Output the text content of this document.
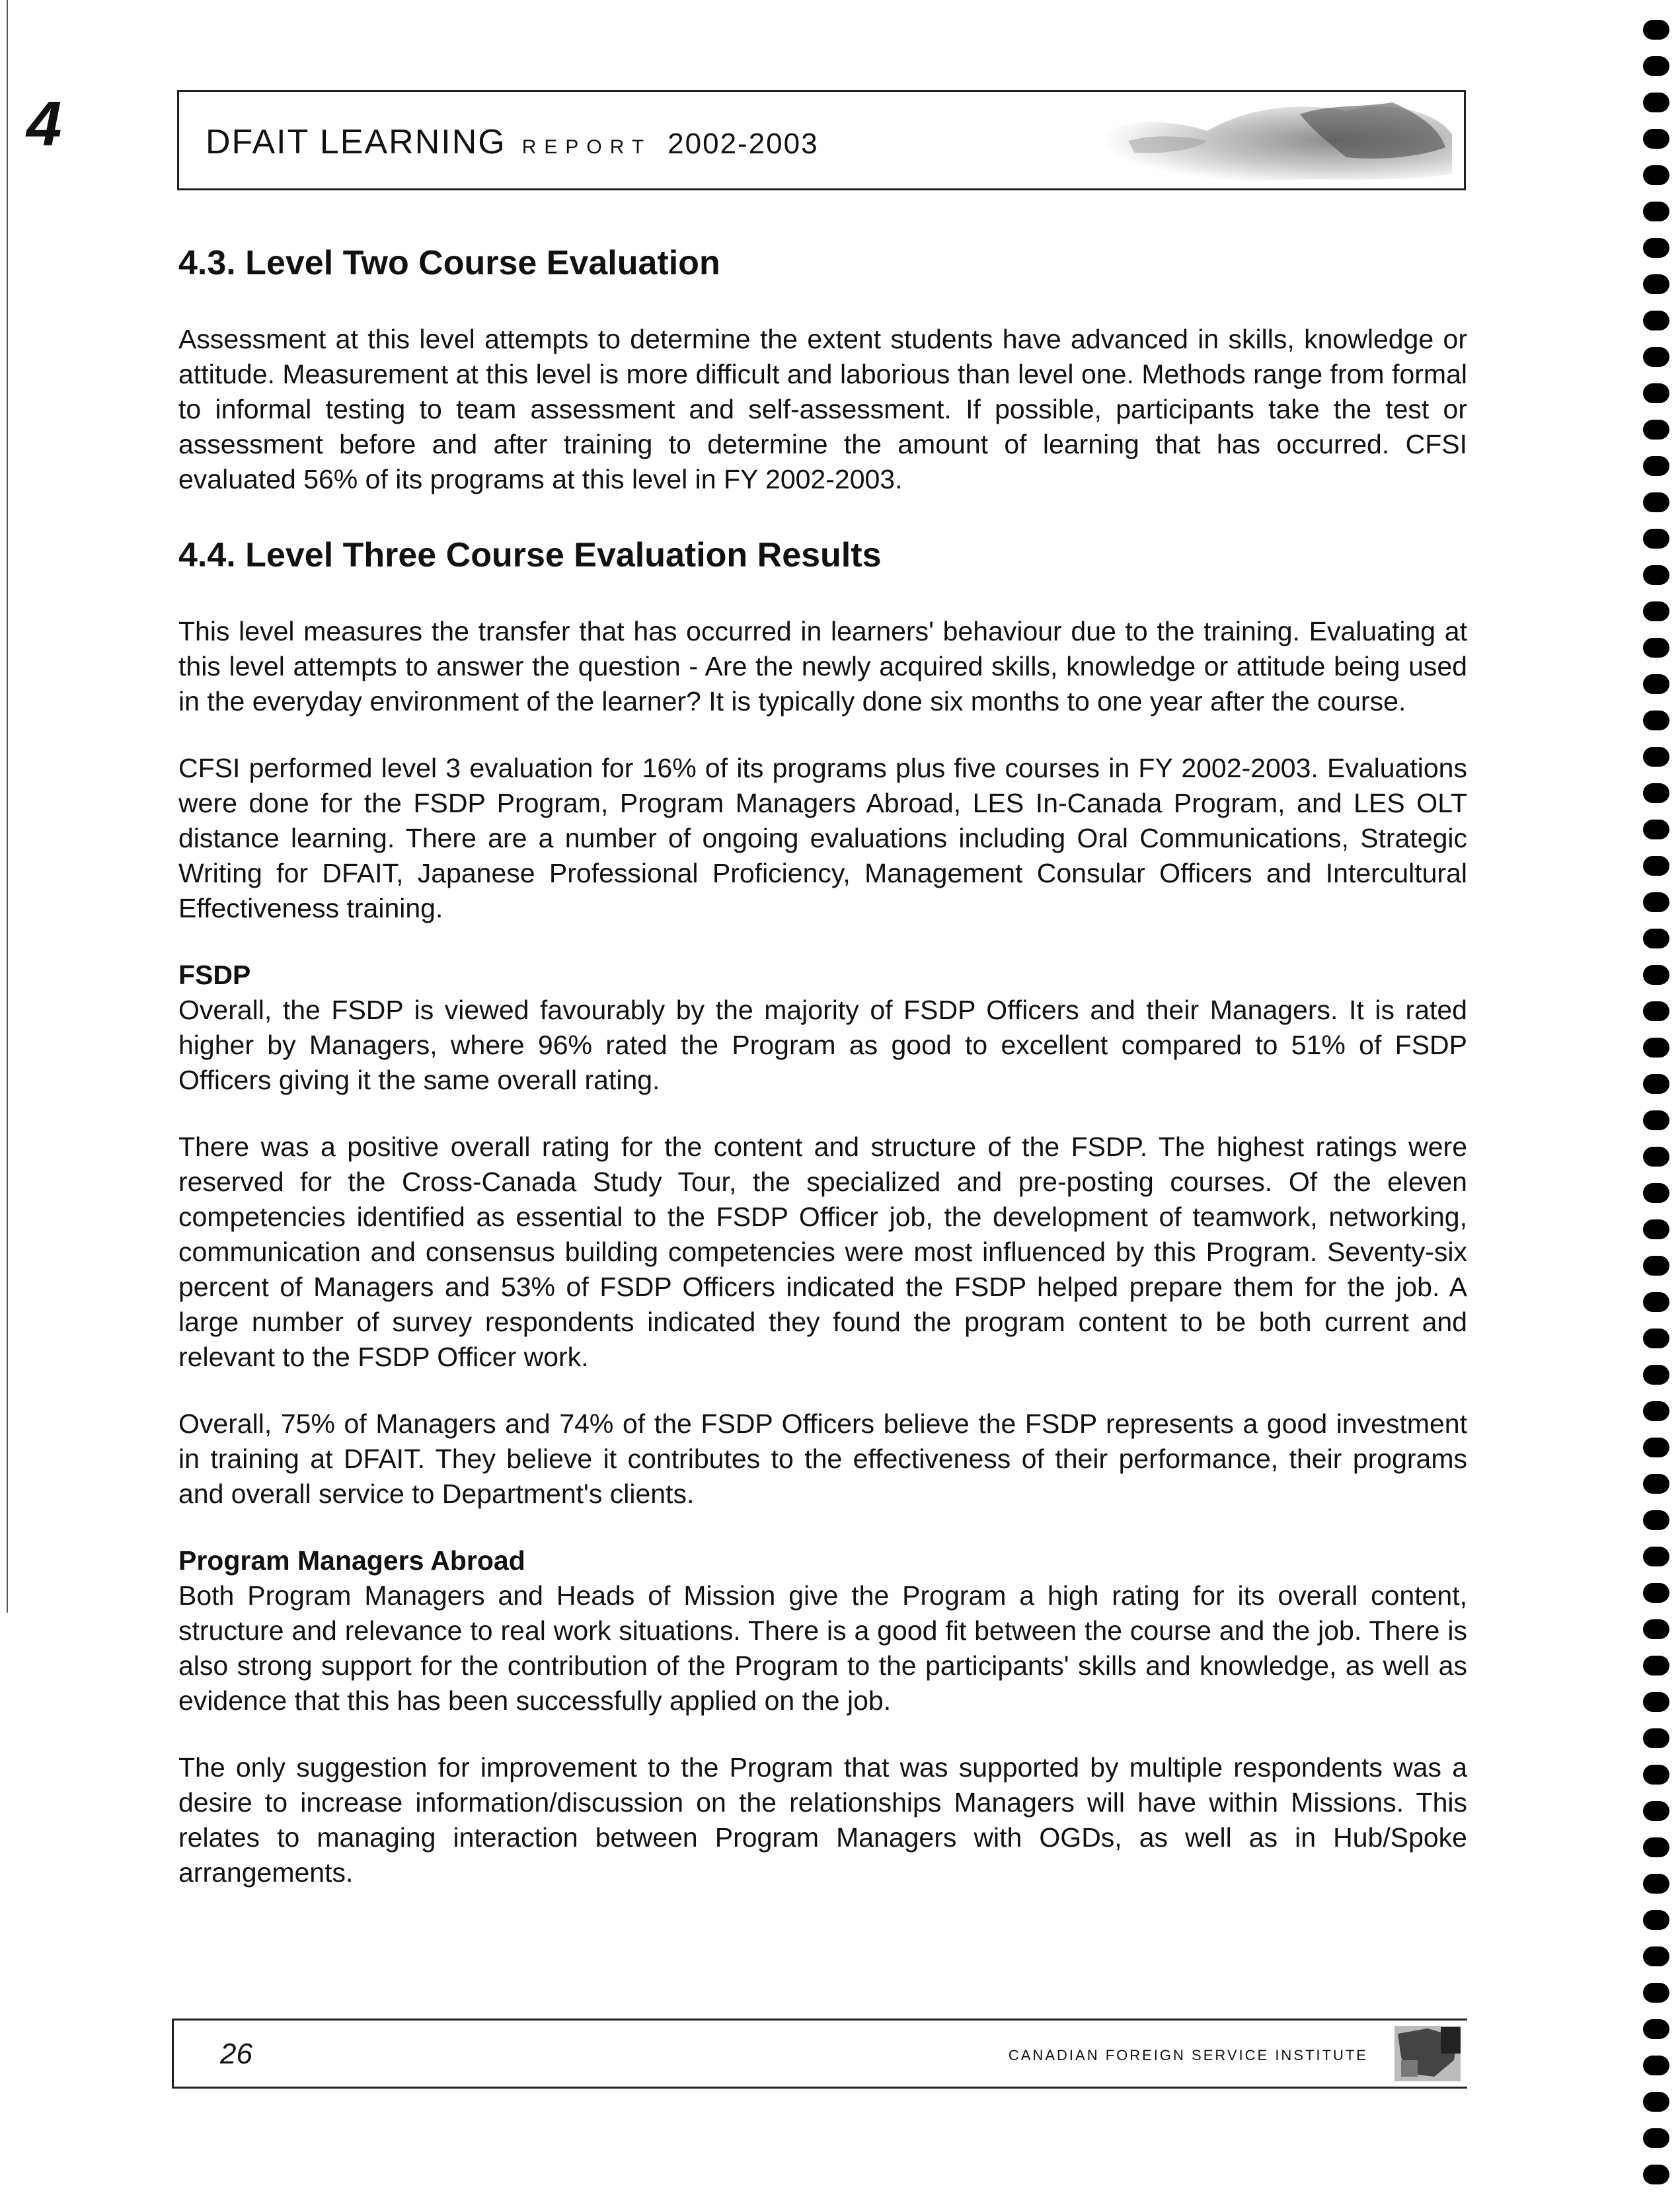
4	DFAIT LEARNING REPORT 2002-2003
4.3. Level Two Course Evaluation

Assessment at this level attempts to determine the extent students have advanced in skills, knowledge or attitude. Measurement at this level is more difficult and laborious than level one. Methods range from formal to informal testing to team assessment and self-assessment. If possible, participants take the test or assessment before and after training to determine the amount of learning that has occurred. CFSI evaluated 56% of its programs at this level in FY 2002-2003.

4.4. Level Three Course Evaluation Results

This level measures the transfer that has occurred in learners' behaviour due to the training. Evaluating at this level attempts to answer the question - Are the newly acquired skills, knowledge or attitude being used in the everyday environment of the learner? It is typically done six months to one year after the course.

CFSI performed level 3 evaluation for 16% of its programs plus five courses in FY 2002-2003. Evaluations were done for the FSDP Program, Program Managers Abroad, LES In-Canada Program, and LES OLT distance learning. There are a number of ongoing evaluations including Oral Communications, Strategic Writing for DFAIT, Japanese Professional Proficiency, Management Consular Officers and Intercultural Effectiveness training.

FSDP

Overall, the FSDP is viewed favourably by the majority of FSDP Officers and their Managers. It is rated higher by Managers, where 96% rated the Program as good to excellent compared to 51% of FSDP Officers giving it the same overall rating.

There was a positive overall rating for the content and structure of the FSDP. The highest ratings were reserved for the Cross-Canada Study Tour, the specialized and pre-posting courses. Of the eleven competencies identified as essential to the FSDP Officer job, the development of teamwork, networking, communication and consensus building competencies were most influenced by this Program. Seventy-six percent of Managers and 53% of FSDP Officers indicated the FSDP helped prepare them for the job. A large number of survey respondents indicated they found the program content to be both current and relevant to the FSDP Officer work.

Overall, 75% of Managers and 74% of the FSDP Officers believe the FSDP represents a good investment in training at DFAIT. They believe it contributes to the effectiveness of their performance, their programs and overall service to Department's clients.

Program Managers Abroad

Both Program Managers and Heads of Mission give the Program a high rating for its overall content, structure and relevance to real work situations. There is a good fit between the course and the job. There is also strong support for the contribution of the Program to the participants' skills and knowledge, as well as evidence that this has been successfully applied on the job.

The only suggestion for improvement to the Program that was supported by multiple respondents was a desire to increase information/discussion on the relationships Managers will have within Missions. This relates to managing interaction between Program Managers with OGDs, as well as in Hub/Spoke arrangements.

26	CANADIAN FOREIGN SERVICE INSTITUTE
